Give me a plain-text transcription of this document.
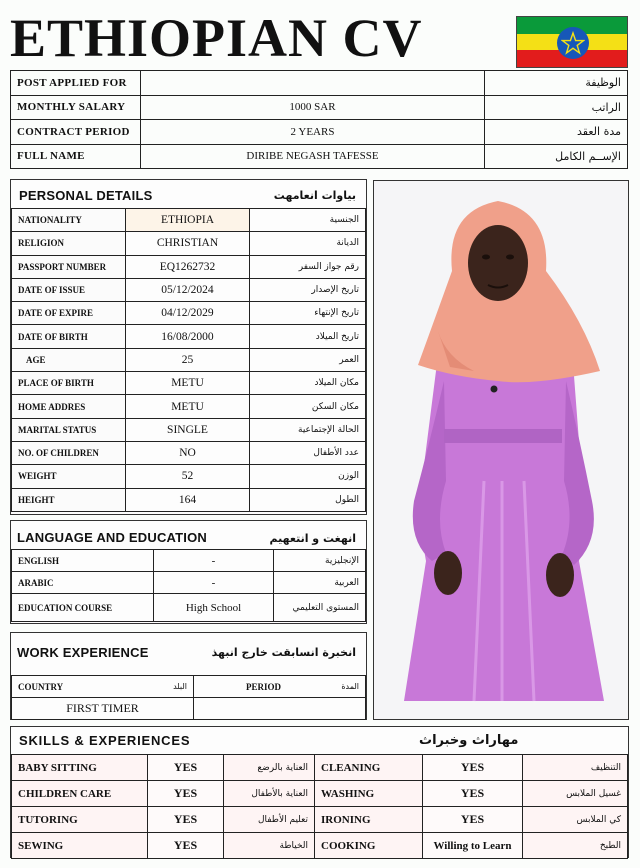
ETHIOPIAN CV
POST APPLIED FOR		الوظيفة
MONTHLY SALARY	1000 SAR	الراتب
CONTRACT PERIOD	2 YEARS	مدة العقد
FULL NAME	DIRIBE NEGASH TAFESSE	الإســم الكامل
PERSONAL DETAILS	بياوات انعامهت
NATIONALITY	ETHIOPIA	الجنسية
RELIGION	CHRISTIAN	الديانة
PASSPORT NUMBER	EQ1262732	رقم جواز السفر
DATE OF ISSUE	05/12/2024	تاريخ الإصدار
DATE OF EXPIRE	04/12/2029	تاريخ الإنتهاء
DATE OF BIRTH	16/08/2000	تاريخ الميلاد
AGE	25	العمر
PLACE OF BIRTH	METU	مكان الميلاد
HOME ADDRES	METU	مكان السكن
MARITAL STATUS	SINGLE	الحالة الإجتماعية
NO. OF CHILDREN	NO	عدد الأطفال
WEIGHT	52	الوزن
HEIGHT	164	الطول
LANGUAGE AND EDUCATION	انهغت و انتعهيم
ENGLISH	-	الإنجليزية
ARABIC	-	العربية
EDUCATION COURSE	High School	المستوى التعليمي
WORK EXPERIENCE	انخبرة انسابقت خارج انبهذ
COUNTRY البلد	PERIOD المدة

FIRST TIMER	
SKILLS & EXPERIENCES	مهاراث وخبراث
BABY SITTING	YES	العناية بالرضع	CLEANING	YES	التنظيف
CHILDREN CARE	YES	العناية بالأطفال	WASHING	YES	غسيل الملابس
TUTORING	YES	تعليم الأطفال	IRONING	YES	كي الملابس
SEWING	YES	الخياطة	COOKING	Willing to Learn	الطبخ
